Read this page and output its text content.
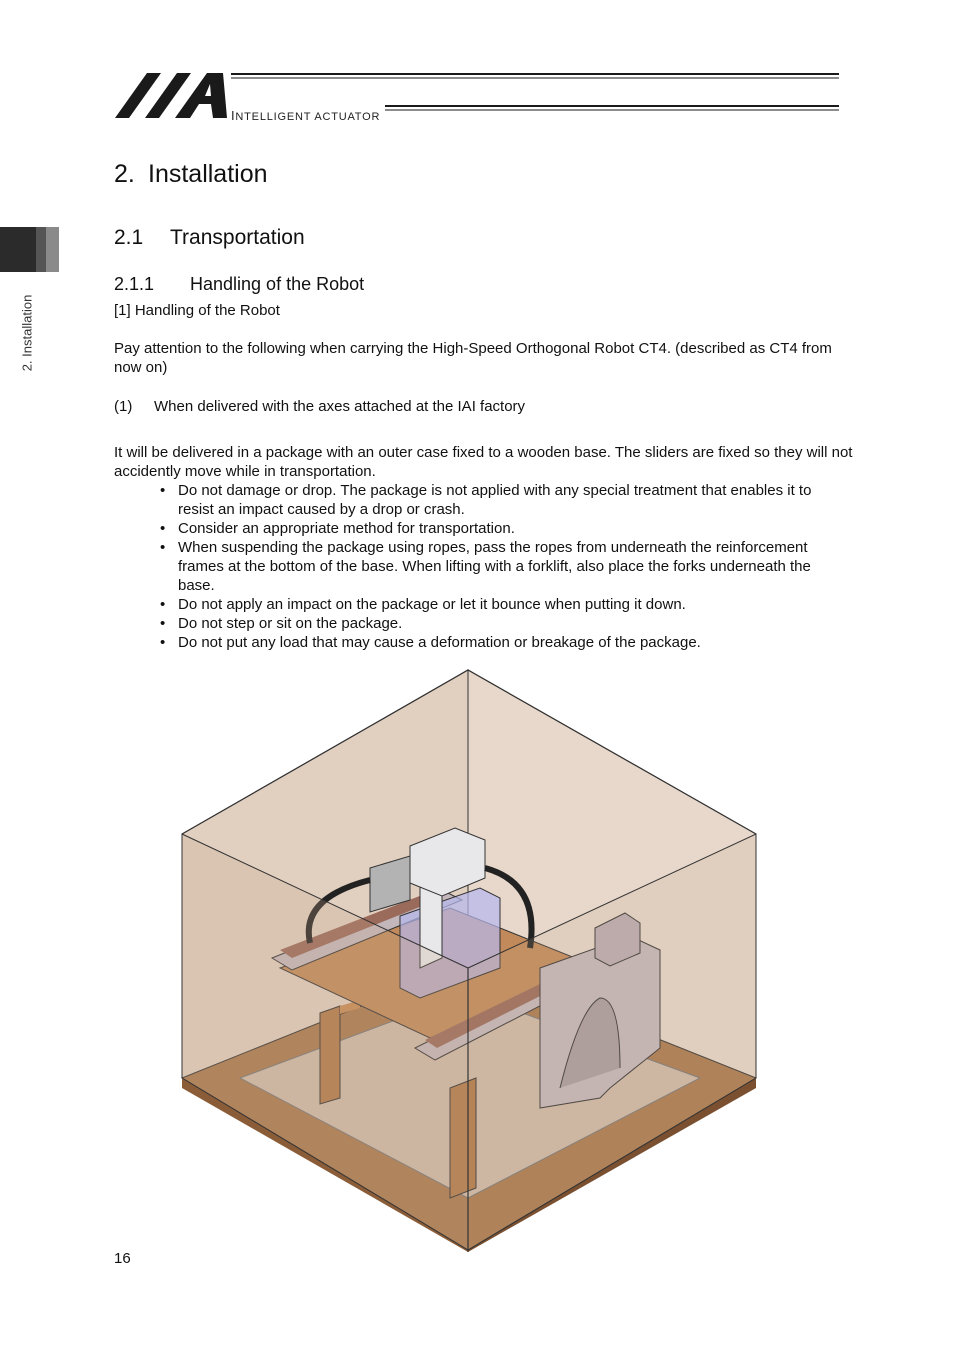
INTELLIGENT ACTUATOR
2. Installation
2. Installation
2.1 Transportation
2.1.1 Handling of the Robot
[1] Handling of the Robot
Pay attention to the following when carrying the High-Speed Orthogonal Robot CT4. (described as CT4 from now on)
(1) When delivered with the axes attached at the IAI factory
It will be delivered in a package with an outer case fixed to a wooden base. The sliders are fixed so they will not accidently move while in transportation.
• Do not damage or drop. The package is not applied with any special treatment that enables it to resist an impact caused by a drop or crash.
• Consider an appropriate method for transportation.
• When suspending the package using ropes, pass the ropes from underneath the reinforcement frames at the bottom of the base. When lifting with a forklift, also place the forks underneath the base.
• Do not apply an impact on the package or let it bounce when putting it down.
• Do not step or sit on the package.
• Do not put any load that may cause a deformation or breakage of the package.
16
